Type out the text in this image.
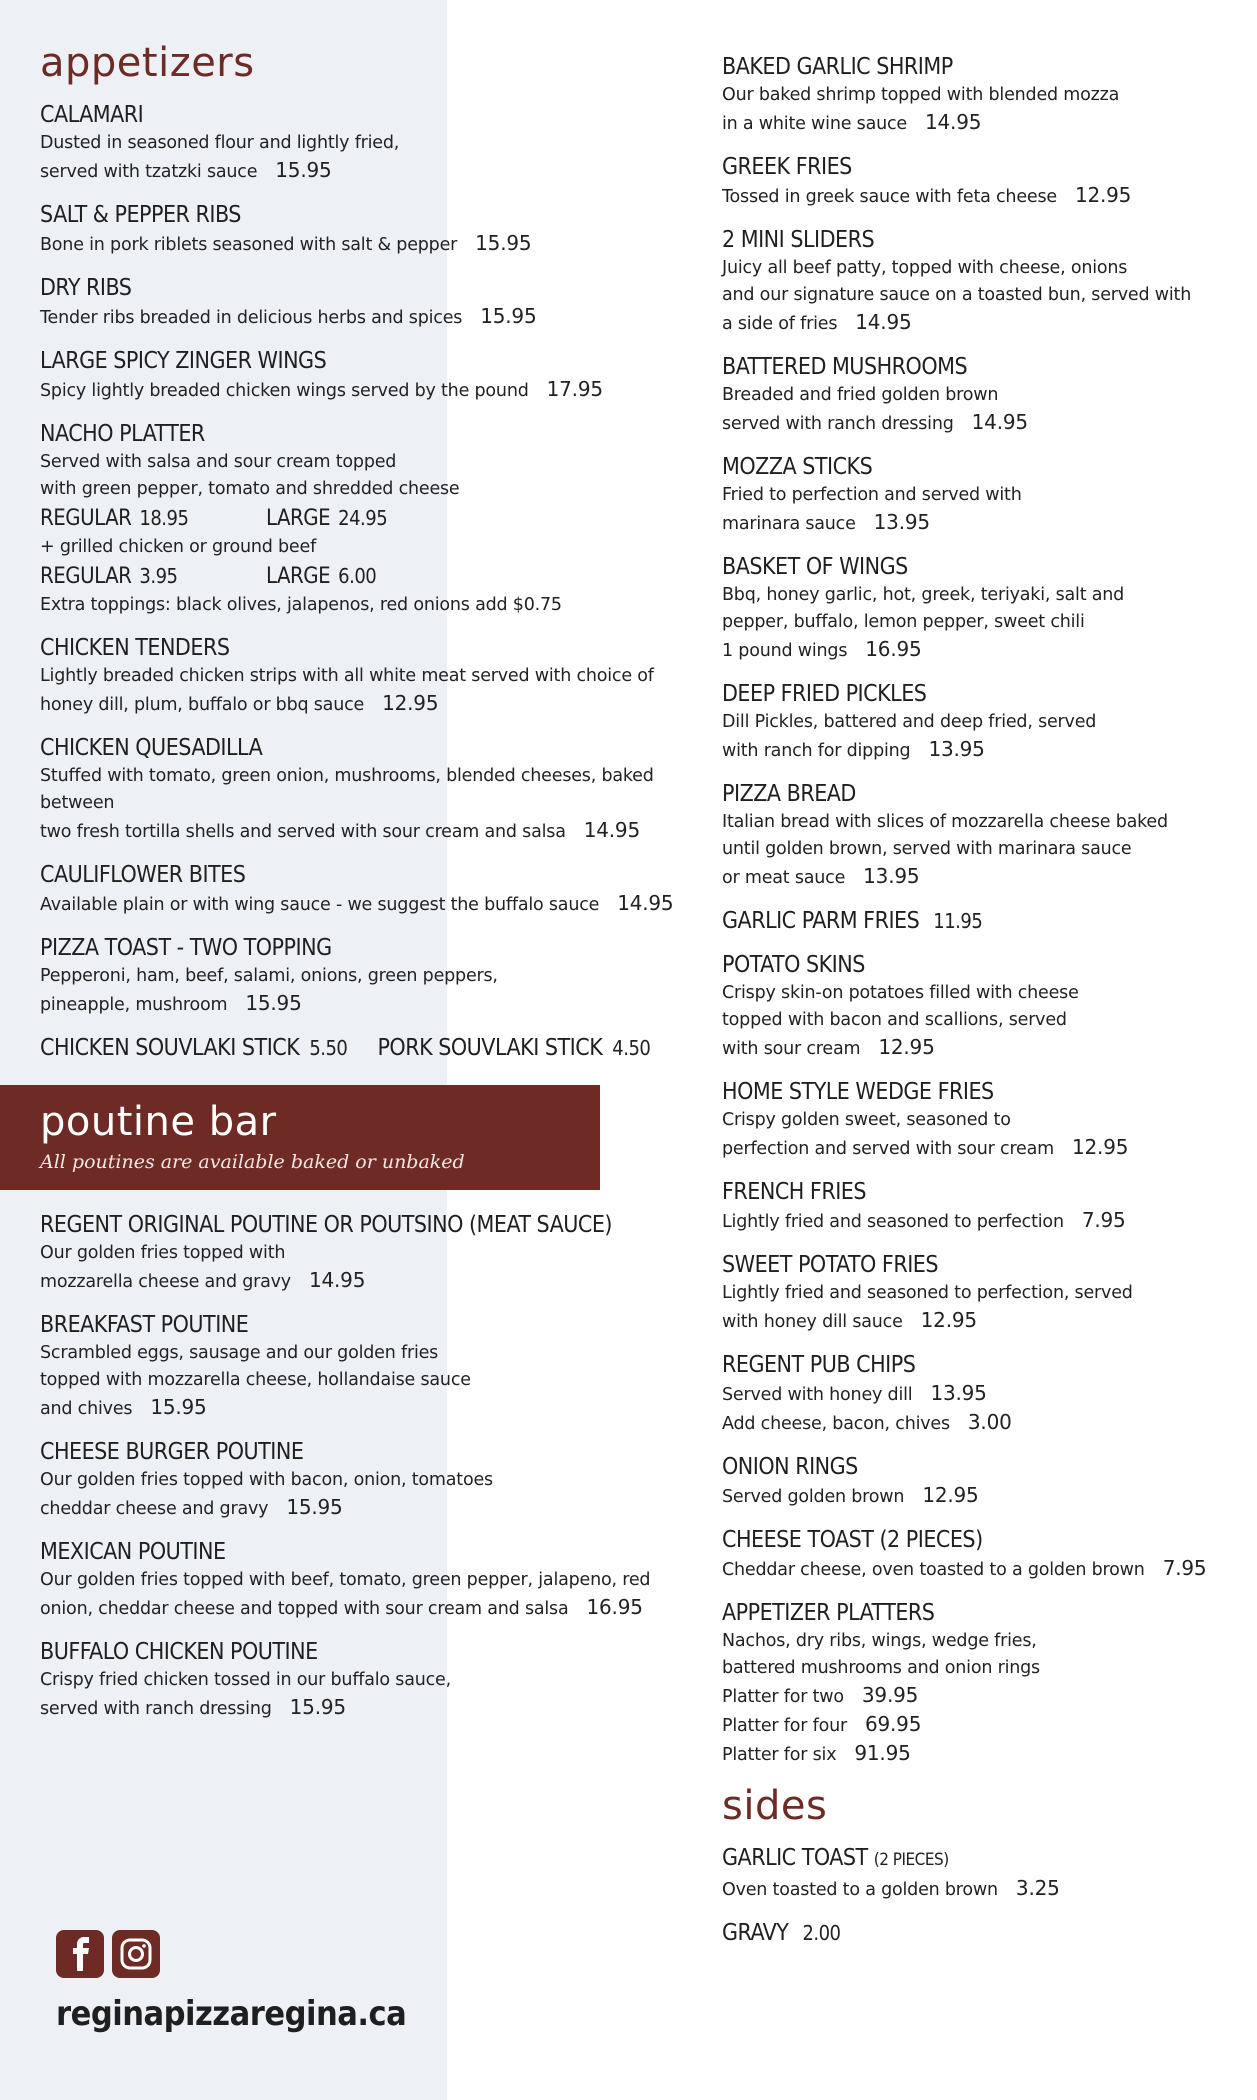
appetizers
CALAMARI

Dusted in seasoned flour and lightly fried,

served with tzatzki sauce 15.95

SALT & PEPPER RIBS

Bone in pork riblets seasoned with salt & pepper 15.95

DRY RIBS

Tender ribs breaded in delicious herbs and spices 15.95

LARGE SPICY ZINGER WINGS

Spicy lightly breaded chicken wings served by the pound 17.95

NACHO PLATTER

Served with salsa and sour cream topped

with green pepper, tomato and shredded cheese

REGULAR 18.95	LARGE 24.95

+ grilled chicken or ground beef

REGULAR 3.95	LARGE 6.00

Extra toppings: black olives, jalapenos, red onions add $0.75

CHICKEN TENDERS

Lightly breaded chicken strips with all white meat served with choice of

honey dill, plum, buffalo or bbq sauce 12.95

CHICKEN QUESADILLA

Stuffed with tomato, green onion, mushrooms, blended cheeses, baked between

two fresh tortilla shells and served with sour cream and salsa 14.95

CAULIFLOWER BITES

Available plain or with wing sauce - we suggest the buffalo sauce 14.95

PIZZA TOAST - TWO TOPPING

Pepperoni, ham, beef, salami, onions, green peppers,

pineapple, mushroom 15.95

CHICKEN SOUVLAKI STICK 5.50 PORK SOUVLAKI STICK 4.50
poutine bar
All poutines are available baked or unbaked
REGENT ORIGINAL POUTINE OR POUTSINO (MEAT SAUCE)

Our golden fries topped with

mozzarella cheese and gravy 14.95

BREAKFAST POUTINE

Scrambled eggs, sausage and our golden fries

topped with mozzarella cheese, hollandaise sauce

and chives 15.95

CHEESE BURGER POUTINE

Our golden fries topped with bacon, onion, tomatoes

cheddar cheese and gravy 15.95

MEXICAN POUTINE

Our golden fries topped with beef, tomato, green pepper, jalapeno, red

onion, cheddar cheese and topped with sour cream and salsa 16.95

BUFFALO CHICKEN POUTINE

Crispy fried chicken tossed in our buffalo sauce,

served with ranch dressing 15.95

BAKED GARLIC SHRIMP

Our baked shrimp topped with blended mozza

in a white wine sauce 14.95

GREEK FRIES

Tossed in greek sauce with feta cheese 12.95

2 MINI SLIDERS

Juicy all beef patty, topped with cheese, onions

and our signature sauce on a toasted bun, served with

a side of fries 14.95

BATTERED MUSHROOMS

Breaded and fried golden brown

served with ranch dressing 14.95

MOZZA STICKS

Fried to perfection and served with

marinara sauce 13.95

BASKET OF WINGS

Bbq, honey garlic, hot, greek, teriyaki, salt and

pepper, buffalo, lemon pepper, sweet chili

1 pound wings 16.95

DEEP FRIED PICKLES

Dill Pickles, battered and deep fried, served

with ranch for dipping 13.95

PIZZA BREAD

Italian bread with slices of mozzarella cheese baked

until golden brown, served with marinara sauce

or meat sauce 13.95

GARLIC PARM FRIES 11.95
POTATO SKINS

Crispy skin-on potatoes filled with cheese

topped with bacon and scallions, served

with sour cream 12.95

HOME STYLE WEDGE FRIES

Crispy golden sweet, seasoned to

perfection and served with sour cream 12.95

FRENCH FRIES

Lightly fried and seasoned to perfection 7.95

SWEET POTATO FRIES

Lightly fried and seasoned to perfection, served

with honey dill sauce 12.95

REGENT PUB CHIPS

Served with honey dill 13.95

Add cheese, bacon, chives 3.00

ONION RINGS

Served golden brown 12.95

CHEESE TOAST (2 PIECES)

Cheddar cheese, oven toasted to a golden brown 7.95

APPETIZER PLATTERS

Nachos, dry ribs, wings, wedge fries,

battered mushrooms and onion rings

Platter for two 39.95

Platter for four 69.95

Platter for six 91.95

sides
GARLIC TOAST (2 PIECES)

Oven toasted to a golden brown 3.25

GRAVY 2.00
reginapizzaregina.ca
